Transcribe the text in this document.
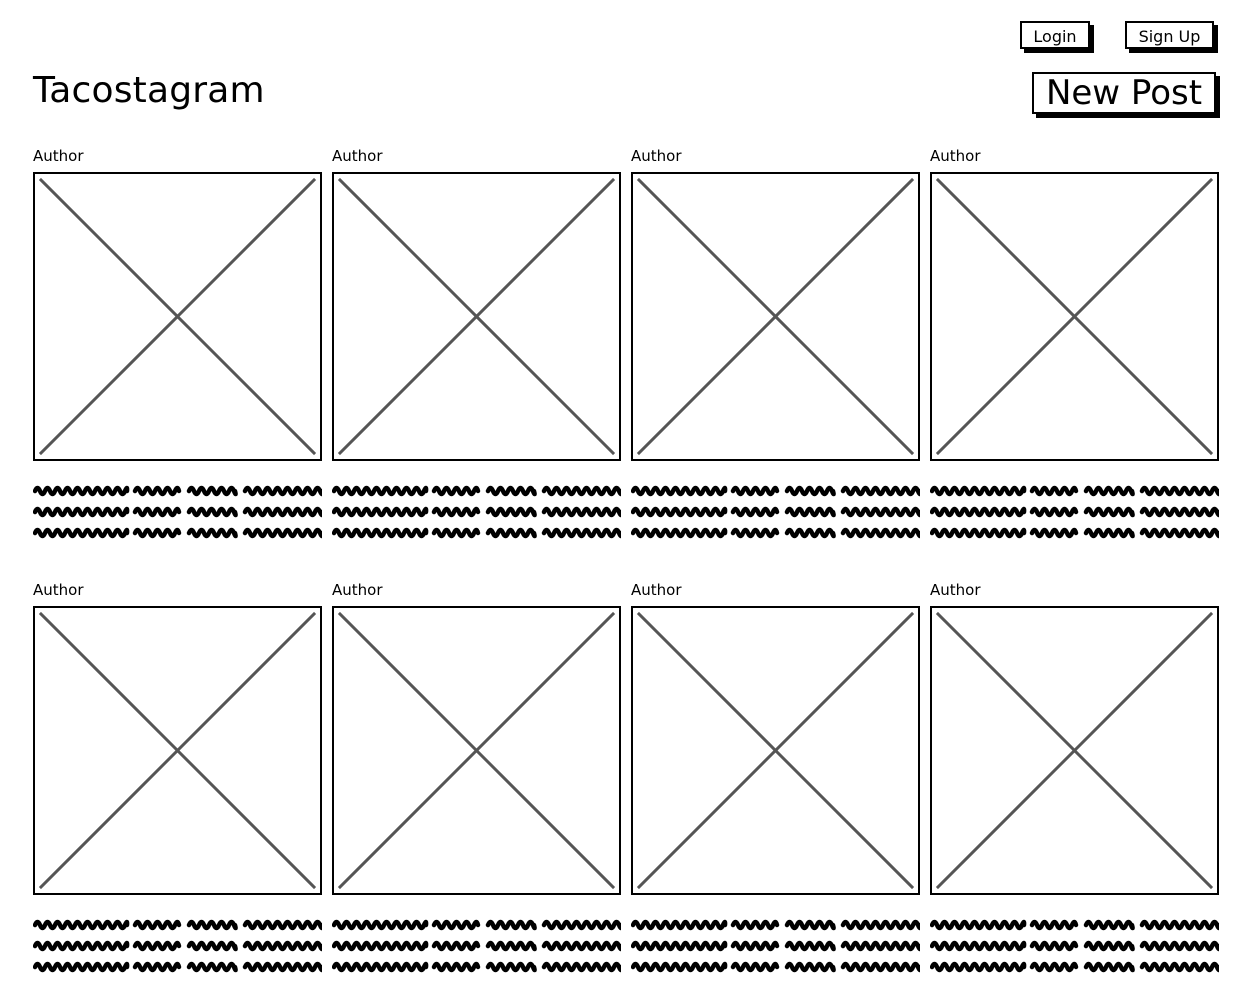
Login	Sign Up
Tacostagram	New Post
Author	Author	Author	Author
Author	Author	Author	Author
